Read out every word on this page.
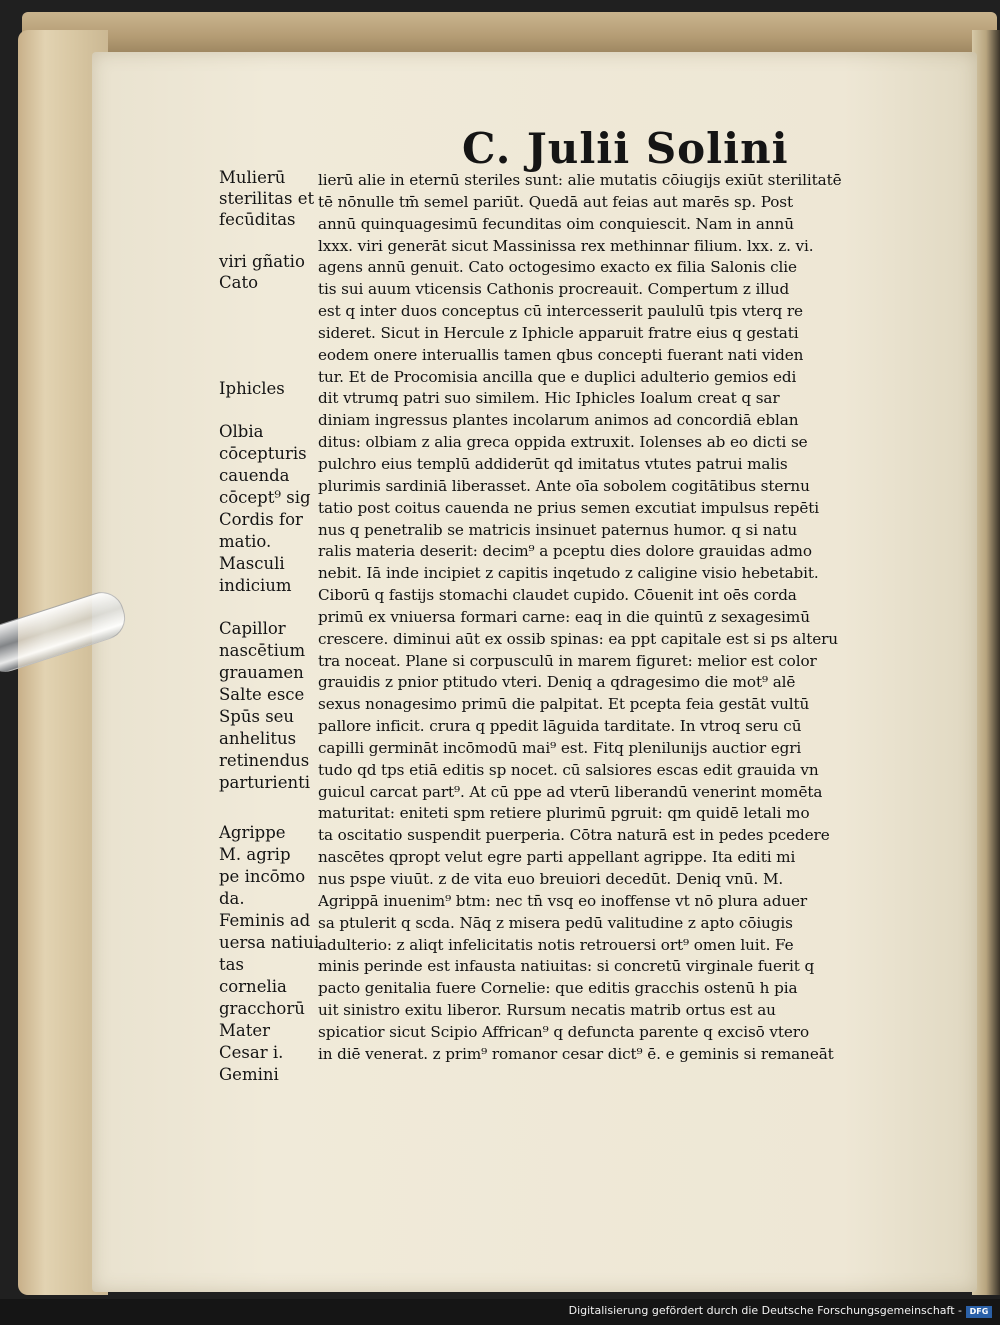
C. Julii Solini
Mulierū
sterilitas et
fecūditas
viri gñatio
Cato
Iphicles
Olbia
cōcepturis
cauenda
cōcept⁹ sig
Cordis for
matio.
Masculi
indicium
Capillor
nascētium
grauamen
Salte esce
Spūs seu
anhelitus
retinendus
parturienti
Agrippe
M. agrip
pe incōmo
da.
Feminis ad
uersa natiui
tas
cornelia
gracchorū
Mater
Cesar i.
Gemini
lierū alie in eternū steriles sunt: alie mutatis cōiugijs exiūt sterilitatē
tē nōnulle tm̄ semel pariūt. Quedā aut feias aut marēs sp. Post
annū quinquagesimū fecunditas oim conquiescit. Nam in annū
lxxx. viri generāt sicut Massinissa rex methinnar filium. lxx. z. vi.
agens annū genuit. Cato octogesimo exacto ex filia Salonis clie
tis sui auum vticensis Cathonis procreauit. Compertum z illud
est q inter duos conceptus cū intercesserit paululū tpis vterq re
sideret. Sicut in Hercule z Iphicle apparuit fratre eius q gestati
eodem onere interuallis tamen qbus concepti fuerant nati viden
tur. Et de Procomisia ancilla que e duplici adulterio gemios edi
dit vtrumq patri suo similem. Hic Iphicles Ioalum creat q sar
diniam ingressus plantes incolarum animos ad concordiā eblan
ditus: olbiam z alia greca oppida extruxit. Iolenses ab eo dicti se
pulchro eius templū addiderūt qd imitatus vtutes patrui malis
plurimis sardiniā liberasset. Ante oīa sobolem cogitātibus sternu
tatio post coitus cauenda ne prius semen excutiat impulsus repēti
nus q penetralib se matricis insinuet paternus humor. q si natu
ralis materia deserit: decim⁹ a pceptu dies dolore grauidas admo
nebit. Iā inde incipiet z capitis inqetudo z caligine visio hebetabit.
Ciborū q fastijs stomachi claudet cupido. Cōuenit int oēs corda
primū ex vniuersa formari carne: eaq in die quintū z sexagesimū
crescere. diminui aūt ex ossib spinas: ea ppt capitale est si ps alteru
tra noceat. Plane si corpusculū in marem figuret: melior est color
grauidis z pnior ptitudo vteri. Deniq a qdragesimo die mot⁹ alē
sexus nonagesimo primū die palpitat. Et pcepta feia gestāt vultū
pallore inficit. crura q ppedit lāguida tarditate. In vtroq seru cū
capilli germināt incōmodū mai⁹ est. Fitq plenilunijs auctior egri
tudo qd tps etiā editis sp nocet. cū salsiores escas edit grauida vn
guicul carcat part⁹. At cū ppe ad vterū liberandū venerint momēta
maturitat: eniteti spm retiere plurimū pgruit: qm quidē letali mo
ta oscitatio suspendit puerperia. Cōtra naturā est in pedes pcedere
nascētes qpropt velut egre parti appellant agrippe. Ita editi mi
nus pspe viuūt. z de vita euo breuiori decedūt. Deniq vnū. M.
Agrippā inuenim⁹ btm: nec tn̄ vsq eo inoffense vt nō plura aduer
sa ptulerit q scda. Nāq z misera pedū valitudine z apto cōiugis
adulterio: z aliqt infelicitatis notis retrouersi ort⁹ omen luit. Fe
minis perinde est infausta natiuitas: si concretū virginale fuerit q
pacto genitalia fuere Cornelie: que editis gracchis ostenū h pia
uit sinistro exitu liberor. Rursum necatis matrib ortus est au
spicatior sicut Scipio Affrican⁹ q defuncta parente q excisō vtero
in diē venerat. z prim⁹ romanor cesar dict⁹ ē. e geminis si remaneāt
Digitalisierung gefördert durch die Deutsche Forschungsgemeinschaft - DFG
